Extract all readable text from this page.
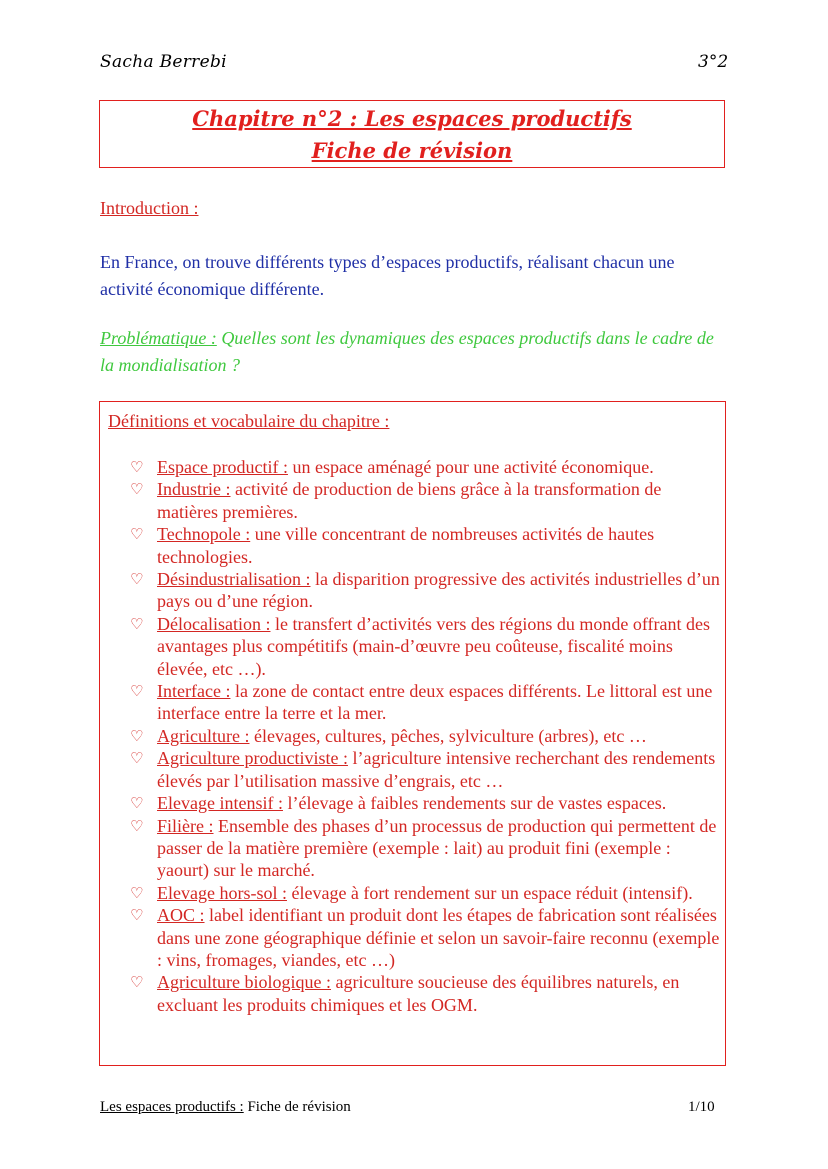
Sacha Berrebi	3°2
Chapitre n°2 : Les espaces productifs
Fiche de révision
Introduction :
En France, on trouve différents types d’espaces productifs, réalisant chacun une activité économique différente.
Problématique : Quelles sont les dynamiques des espaces productifs dans le cadre de la mondialisation ?
Définitions et vocabulaire du chapitre :
♡ Espace productif : un espace aménagé pour une activité économique.
♡ Industrie : activité de production de biens grâce à la transformation de matières premières.
♡ Technopole : une ville concentrant de nombreuses activités de hautes technologies.
♡ Désindustrialisation : la disparition progressive des activités industrielles d’un pays ou d’une région.
♡ Délocalisation : le transfert d’activités vers des régions du monde offrant des avantages plus compétitifs (main-d’œuvre peu coûteuse, fiscalité moins élevée, etc …).
♡ Interface : la zone de contact entre deux espaces différents. Le littoral est une interface entre la terre et la mer.
♡ Agriculture : élevages, cultures, pêches, sylviculture (arbres), etc …
♡ Agriculture productiviste : l’agriculture intensive recherchant des rendements élevés par l’utilisation massive d’engrais, etc …
♡ Elevage intensif : l’élevage à faibles rendements sur de vastes espaces.
♡ Filière : Ensemble des phases d’un processus de production qui permettent de passer de la matière première (exemple : lait) au produit fini (exemple : yaourt) sur le marché.
♡ Elevage hors-sol : élevage à fort rendement sur un espace réduit (intensif).
♡ AOC : label identifiant un produit dont les étapes de fabrication sont réalisées dans une zone géographique définie et selon un savoir-faire reconnu (exemple : vins, fromages, viandes, etc …)
♡ Agriculture biologique : agriculture soucieuse des équilibres naturels, en excluant les produits chimiques et les OGM.
Les espaces productifs : Fiche de révision	1/10
